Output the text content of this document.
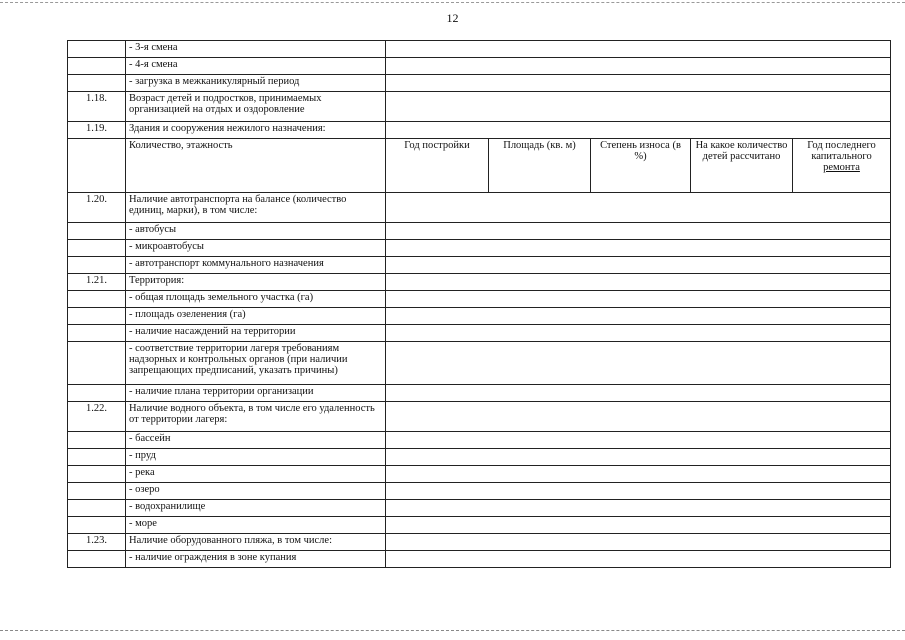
12
	- 3-я смена					
	- 4-я смена					
	- загрузка в межканикулярный период					
1.18.	Возраст детей и подростков, принимаемых организацией на отдых и оздоровление					
1.19.	Здания и сооружения нежилого назначения:					
	Количество, этажность	Год постройки	Площадь (кв. м)	Степень износа (в %)	На какое количество детей рассчитано	Год последнего капитального
ремонта
1.20.	Наличие автотранспорта на балансе (количество единиц, марки), в том числе:					
	- автобусы					
	- микроавтобусы					
	- автотранспорт коммунального назначения					
1.21.	Территория:					
	- общая площадь земельного участка (га)					
	- площадь озеленения (га)					
	- наличие насаждений на территории					
	- соответствие территории лагеря требованиям надзорных и контрольных органов (при наличии запрещающих предписаний, указать причины)					
	- наличие плана территории организации					
1.22.	Наличие водного объекта, в том числе его удаленность от территории лагеря:					
	- бассейн					
	- пруд					
	- река					
	- озеро					
	- водохранилище					
	- море					
1.23.	Наличие оборудованного пляжа, в том числе:					
	- наличие ограждения в зоне купания					
